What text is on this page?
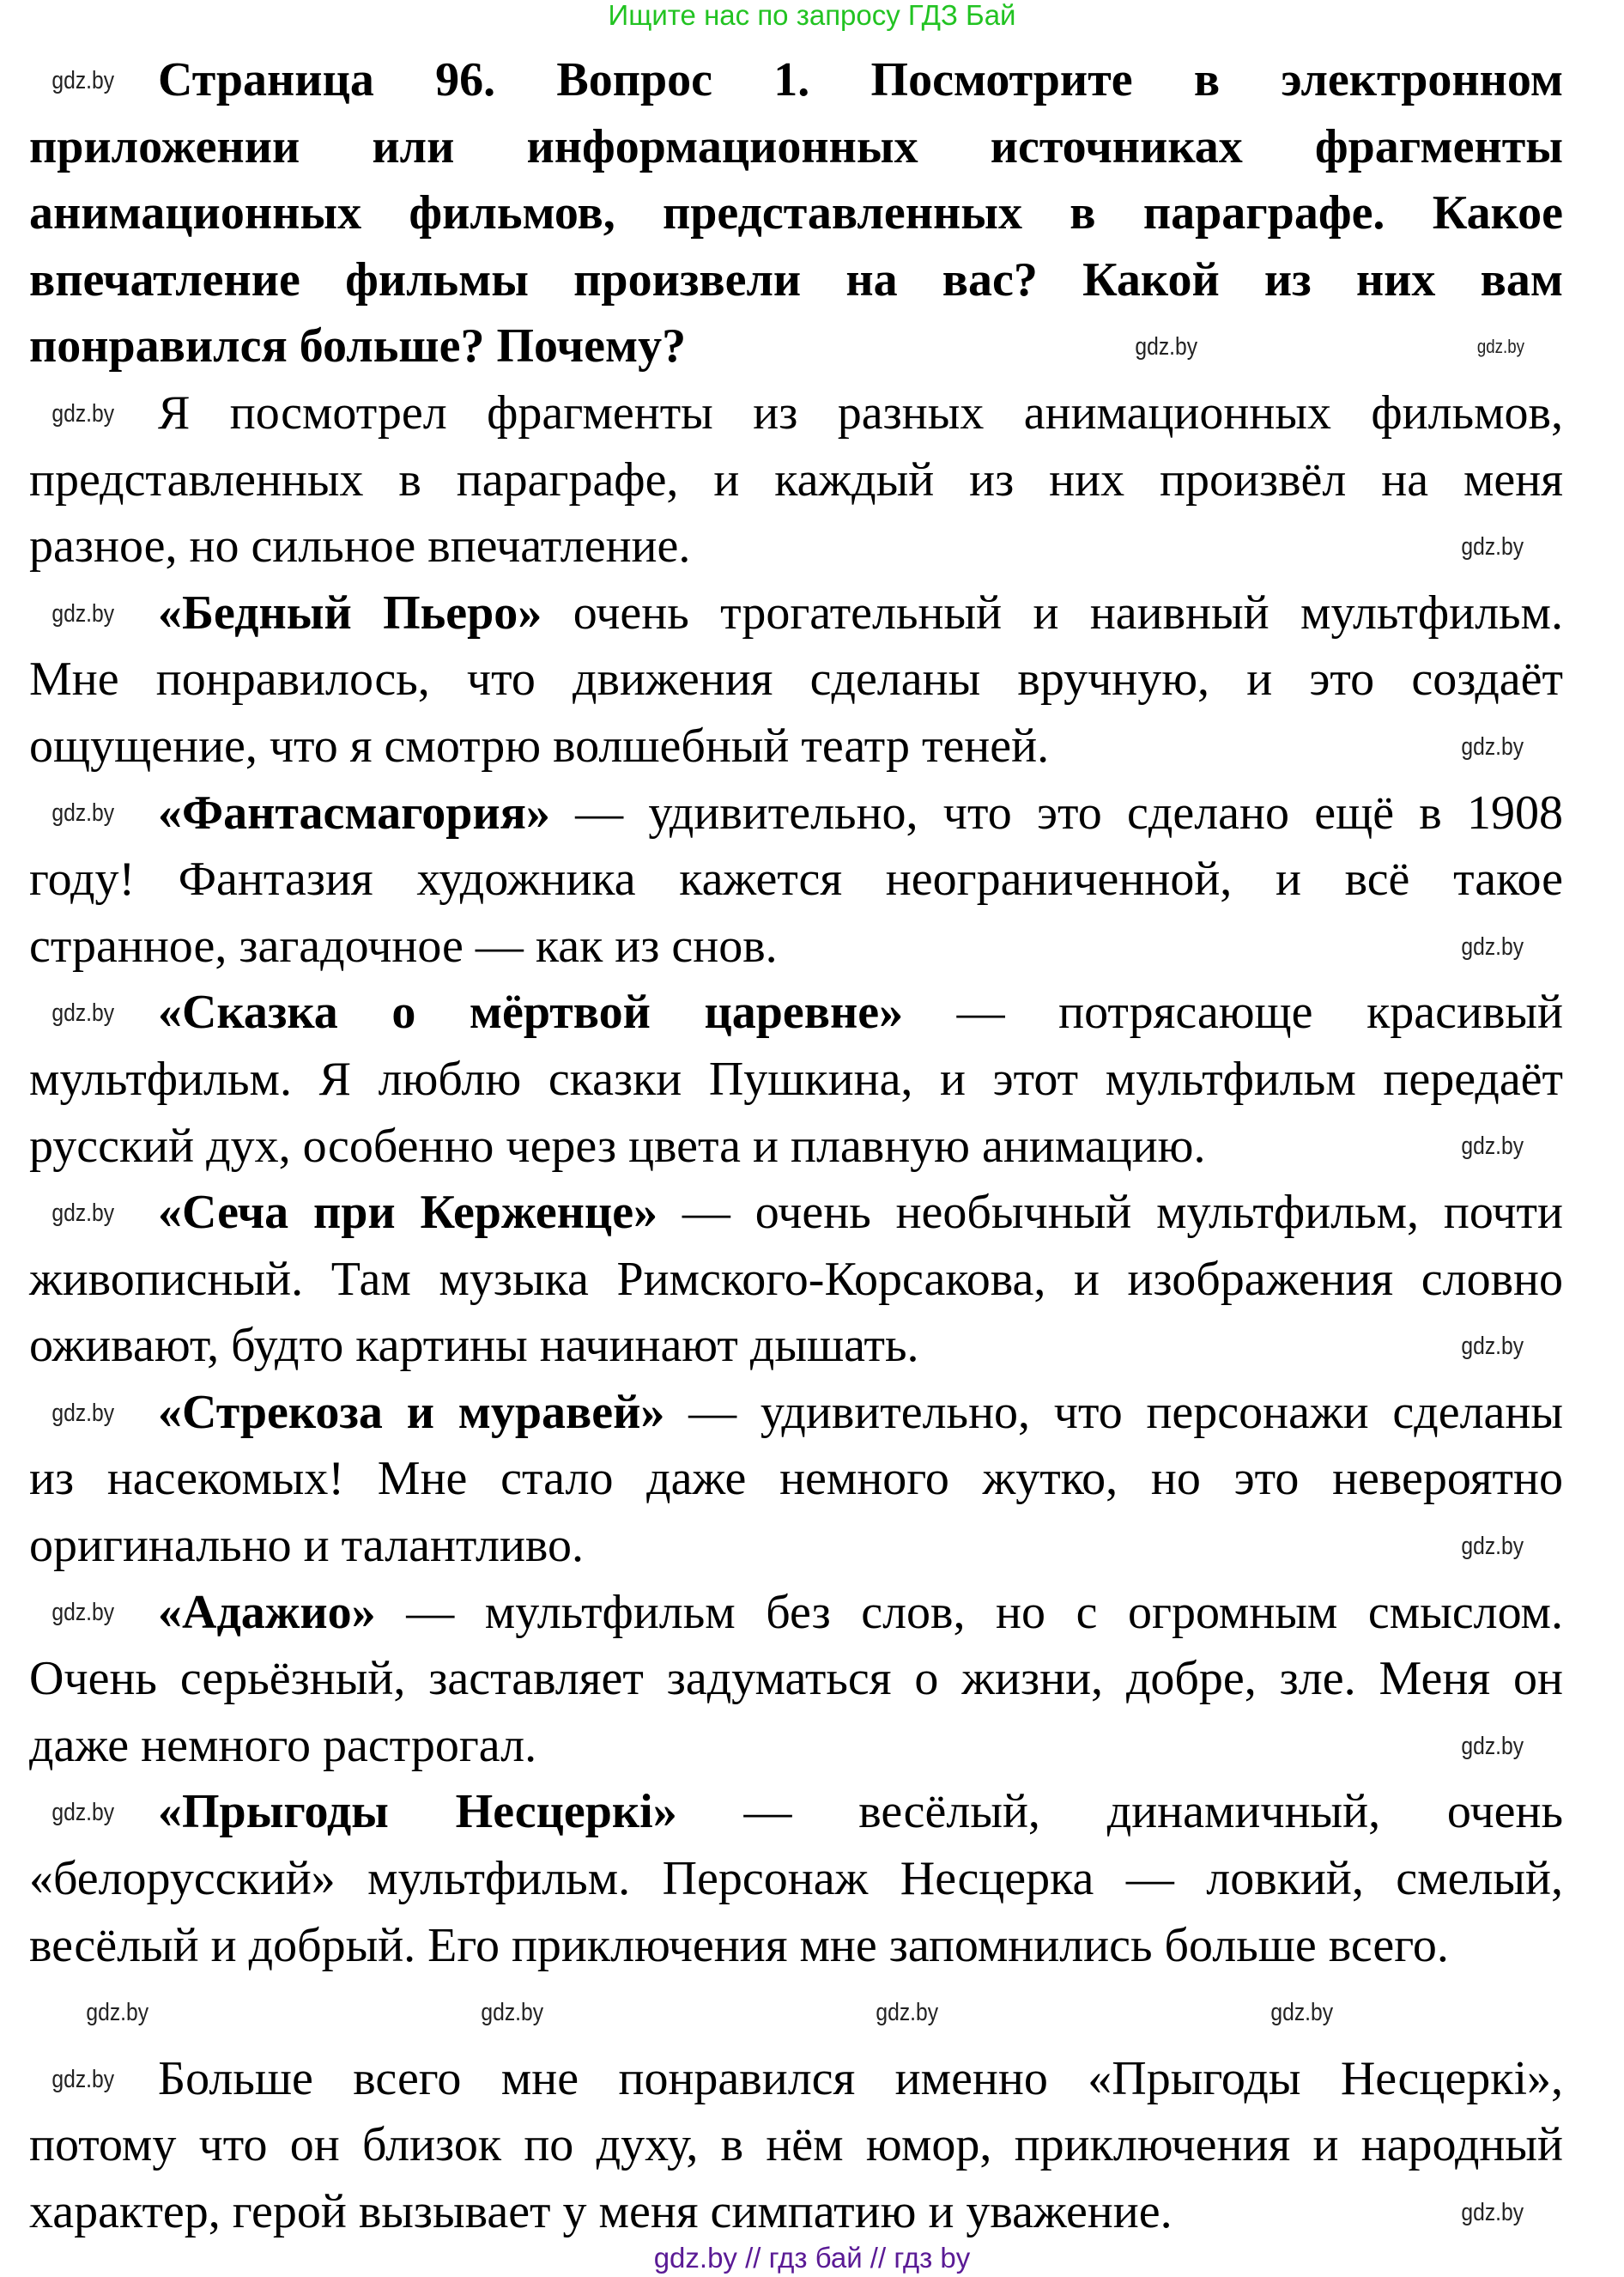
Ищите нас по запросу ГДЗ Бай
Страница 96. Вопрос 1. Посмотрите в электронном
gdz.by
приложении или информационных источниках фрагменты
анимационных фильмов, представленных в параграфе. Какое
впечатление фильмы произвели на вас? Какой из них вам
понравился больше? Почему?	gdz.by
gdz.by
Я посмотрел фрагменты из разных анимационных фильмов,
gdz.by
представленных в параграфе, и каждый из них произвёл на меня
разное, но сильное впечатление.	gdz.by
«Бедный Пьеро» очень трогательный и наивный мультфильм.
gdz.by
Мне понравилось, что движения сделаны вручную, и это создаёт
ощущение, что я смотрю волшебный театр теней.	gdz.by
«Фантасмагория» — удивительно, что это сделано ещё в 1908
gdz.by
году! Фантазия художника кажется неограниченной, и всё такое
странное, загадочное — как из снов.	gdz.by
«Сказка о мёртвой царевне» — потрясающе красивый
gdz.by
мультфильм. Я люблю сказки Пушкина, и этот мультфильм передаёт
русский дух, особенно через цвета и плавную анимацию.	gdz.by
«Сеча при Керженце» — очень необычный мультфильм, почти
gdz.by
живописный. Там музыка Римского-Корсакова, и изображения словно
оживают, будто картины начинают дышать.	gdz.by
«Стрекоза и муравей» — удивительно, что персонажи сделаны
gdz.by
из насекомых! Мне стало даже немного жутко, но это невероятно
оригинально и талантливо.	gdz.by
«Адажио» — мультфильм без слов, но с огромным смыслом.
gdz.by
Очень серьёзный, заставляет задуматься о жизни, добре, зле. Меня он
даже немного растрогал.	gdz.by
«Прыгоды Несцеркі» — весёлый, динамичный, очень
gdz.by
«белорусский» мультфильм. Персонаж Несцерка — ловкий, смелый,
весёлый и добрый. Его приключения мне запомнились больше всего.
gdz.by	gdz.by	gdz.by	gdz.by
Больше всего мне понравился именно «Прыгоды Несцеркі»,
gdz.by
потому что он близок по духу, в нём юмор, приключения и народный
характер, герой вызывает у меня симпатию и уважение.	gdz.by
gdz.by // гдз бай // гдз by
